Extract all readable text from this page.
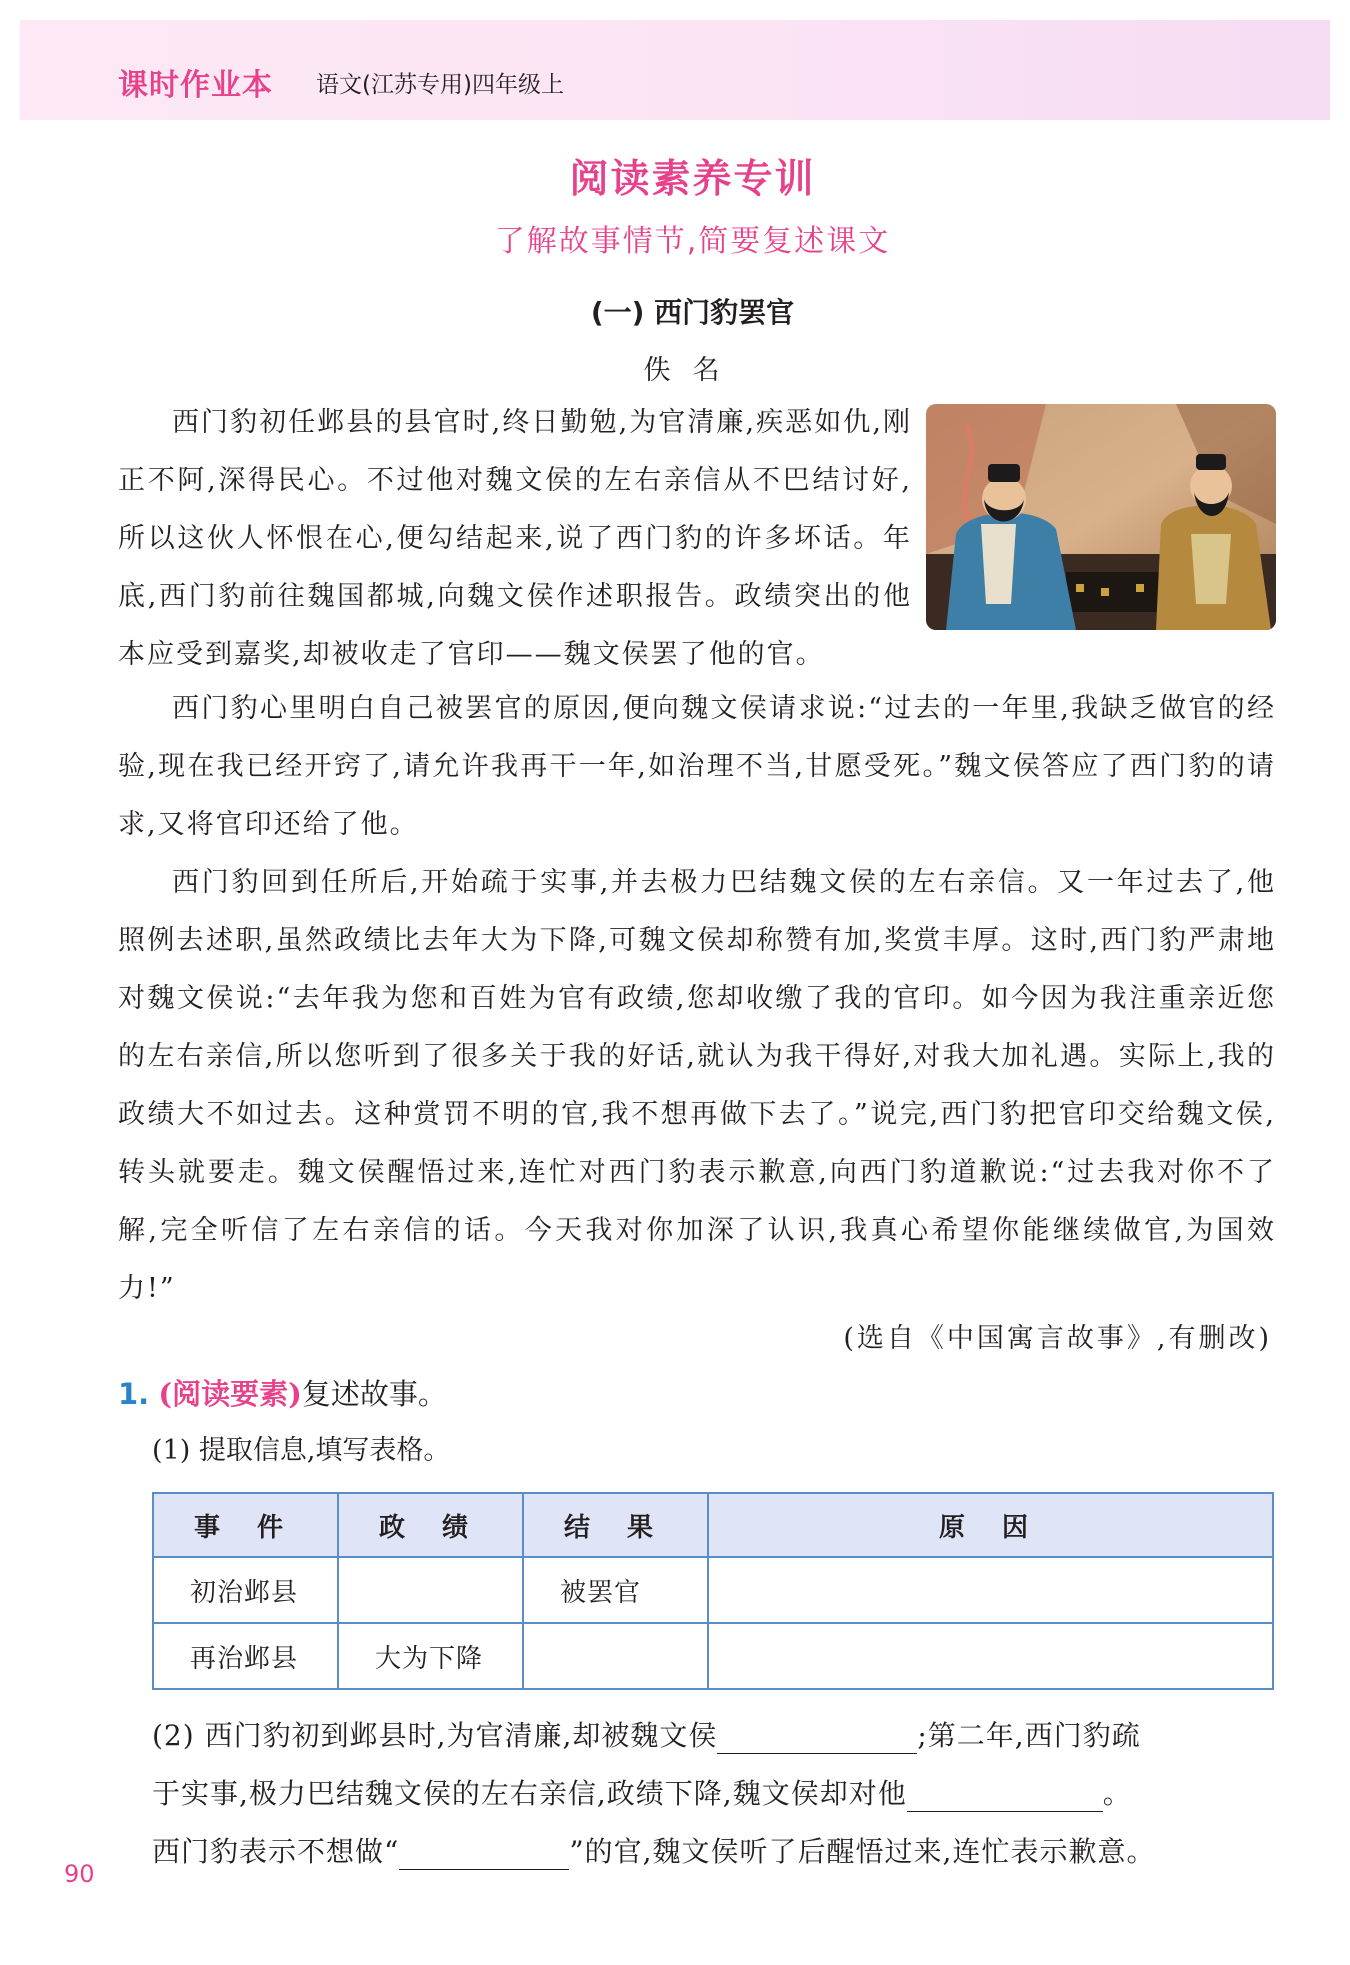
课时作业本 语文(江苏专用)四年级上
阅读素养专训
了解故事情节,简要复述课文
(一) 西门豹罢官
佚名
西门豹初任邺县的县官时,终日勤勉,为官清廉,疾恶如仇,刚正不阿,深得民心。不过他对魏文侯的左右亲信从不巴结讨好,所以这伙人怀恨在心,便勾结起来,说了西门豹的许多坏话。年底,西门豹前往魏国都城,向魏文侯作述职报告。政绩突出的他本应受到嘉奖,却被收走了官印——魏文侯罢了他的官。
西门豹心里明白自己被罢官的原因,便向魏文侯请求说:“过去的一年里,我缺乏做官的经验,现在我已经开窍了,请允许我再干一年,如治理不当,甘愿受死。”魏文侯答应了西门豹的请求,又将官印还给了他。
西门豹回到任所后,开始疏于实事,并去极力巴结魏文侯的左右亲信。又一年过去了,他照例去述职,虽然政绩比去年大为下降,可魏文侯却称赞有加,奖赏丰厚。这时,西门豹严肃地对魏文侯说:“去年我为您和百姓为官有政绩,您却收缴了我的官印。如今因为我注重亲近您的左右亲信,所以您听到了很多关于我的好话,就认为我干得好,对我大加礼遇。实际上,我的政绩大不如过去。这种赏罚不明的官,我不想再做下去了。”说完,西门豹把官印交给魏文侯,转头就要走。魏文侯醒悟过来,连忙对西门豹表示歉意,向西门豹道歉说:“过去我对你不了解,完全听信了左右亲信的话。今天我对你加深了认识,我真心希望你能继续做官,为国效力!”
(选自《中国寓言故事》,有删改)
1. (阅读要素)复述故事。
(1) 提取信息,填写表格。
事 件	政 绩	结 果	原 因
初治邺县		被罢官	
再治邺县	大为下降		
(2) 西门豹初到邺县时,为官清廉,却被魏文侯	;第二年,西门豹疏
于实事,极力巴结魏文侯的左右亲信,政绩下降,魏文侯却对他	。
西门豹表示不想做“	”的官,魏文侯听了后醒悟过来,连忙表示歉意。
90
